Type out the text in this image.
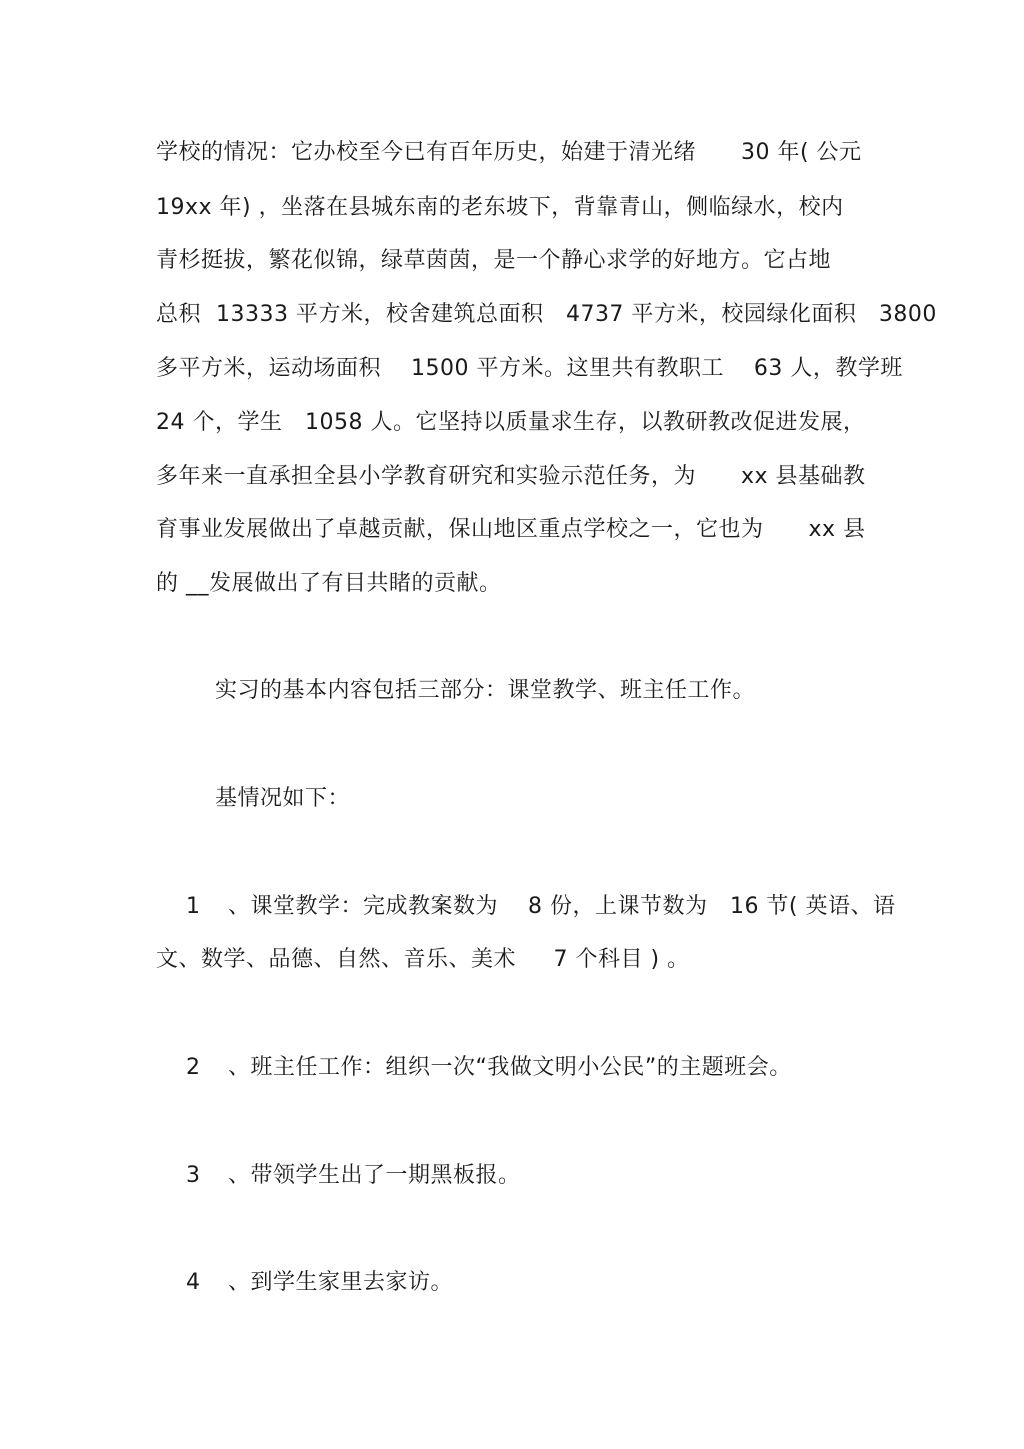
学校的情况：它办校至今已有百年历史，始建于清光绪      30 年( 公元
19xx 年) ，坐落在县城东南的老东坡下，背靠青山，侧临绿水，校内
青杉挺拔，繁花似锦，绿草茵茵，是一个静心求学的好地方。它占地
总积  13333 平方米，校舍建筑总面积   4737 平方米，校园绿化面积   3800
多平方米，运动场面积    1500 平方米。这里共有教职工    63 人，教学班
24 个，学生   1058 人。它坚持以质量求生存，以教研教改促进发展，
多年来一直承担全县小学教育研究和实验示范任务，为      xx 县基础教
育事业发展做出了卓越贡献，保山地区重点学校之一，它也为      xx 县
的 __发展做出了有目共睹的贡献。
实习的基本内容包括三部分：课堂教学、班主任工作。
基情况如下：
1 、课堂教学：完成教案数为    8 份，上课节数为   16 节( 英语、语
文、数学、品德、自然、音乐、美术     7 个科目 ) 。
2 、班主任工作：组织一次“我做文明小公民”的主题班会。
3 、带领学生出了一期黑板报。
4 、到学生家里去家访。
